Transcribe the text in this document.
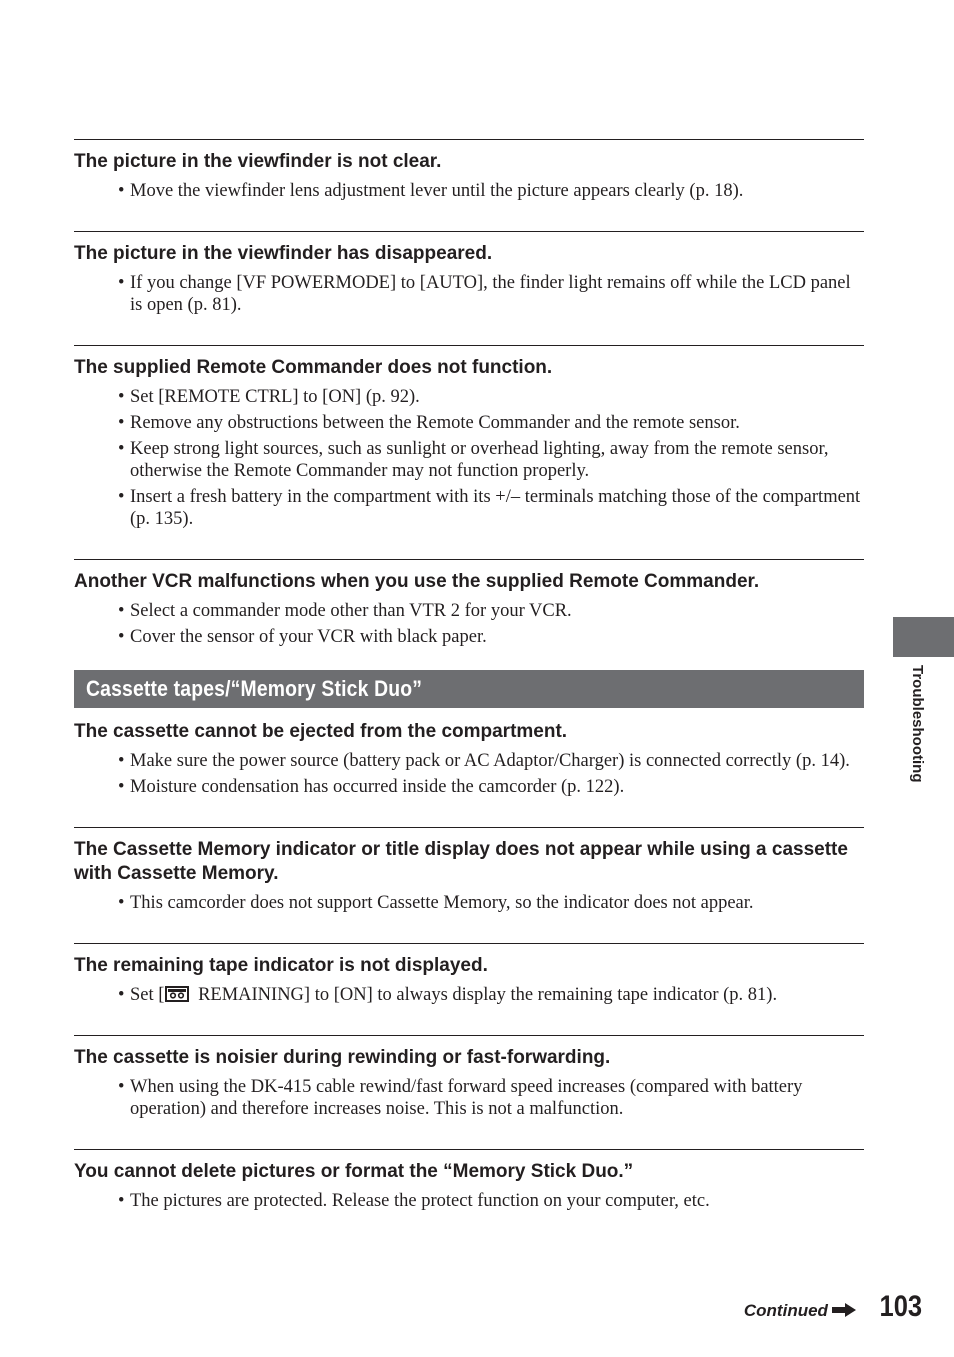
The picture in the viewfinder is not clear.
• Move the viewfinder lens adjustment lever until the picture appears clearly (p. 18).
The picture in the viewfinder has disappeared.
• If you change [VF POWERMODE] to [AUTO], the finder light remains off while the LCD panel is open (p. 81).
The supplied Remote Commander does not function.
• Set [REMOTE CTRL] to [ON] (p. 92).
• Remove any obstructions between the Remote Commander and the remote sensor.
• Keep strong light sources, such as sunlight or overhead lighting, away from the remote sensor, otherwise the Remote Commander may not function properly.
• Insert a fresh battery in the compartment with its +/– terminals matching those of the compartment (p. 135).
Another VCR malfunctions when you use the supplied Remote Commander.
• Select a commander mode other than VTR 2 for your VCR.
• Cover the sensor of your VCR with black paper.
Cassette tapes/“Memory Stick Duo”
The cassette cannot be ejected from the compartment.
• Make sure the power source (battery pack or AC Adaptor/Charger) is connected correctly (p. 14).
• Moisture condensation has occurred inside the camcorder (p. 122).
The Cassette Memory indicator or title display does not appear while using a cassette with Cassette Memory.
• This camcorder does not support Cassette Memory, so the indicator does not appear.
The remaining tape indicator is not displayed.
• Set [
REMAINING] to [ON] to always display the remaining tape indicator (p. 81).
The cassette is noisier during rewinding or fast-forwarding.
• When using the DK-415 cable rewind/fast forward speed increases (compared with battery operation) and therefore increases noise. This is not a malfunction.
You cannot delete pictures or format the “Memory Stick Duo.”
• The pictures are protected. Release the protect function on your computer, etc.
Troubleshooting
Continued 103
